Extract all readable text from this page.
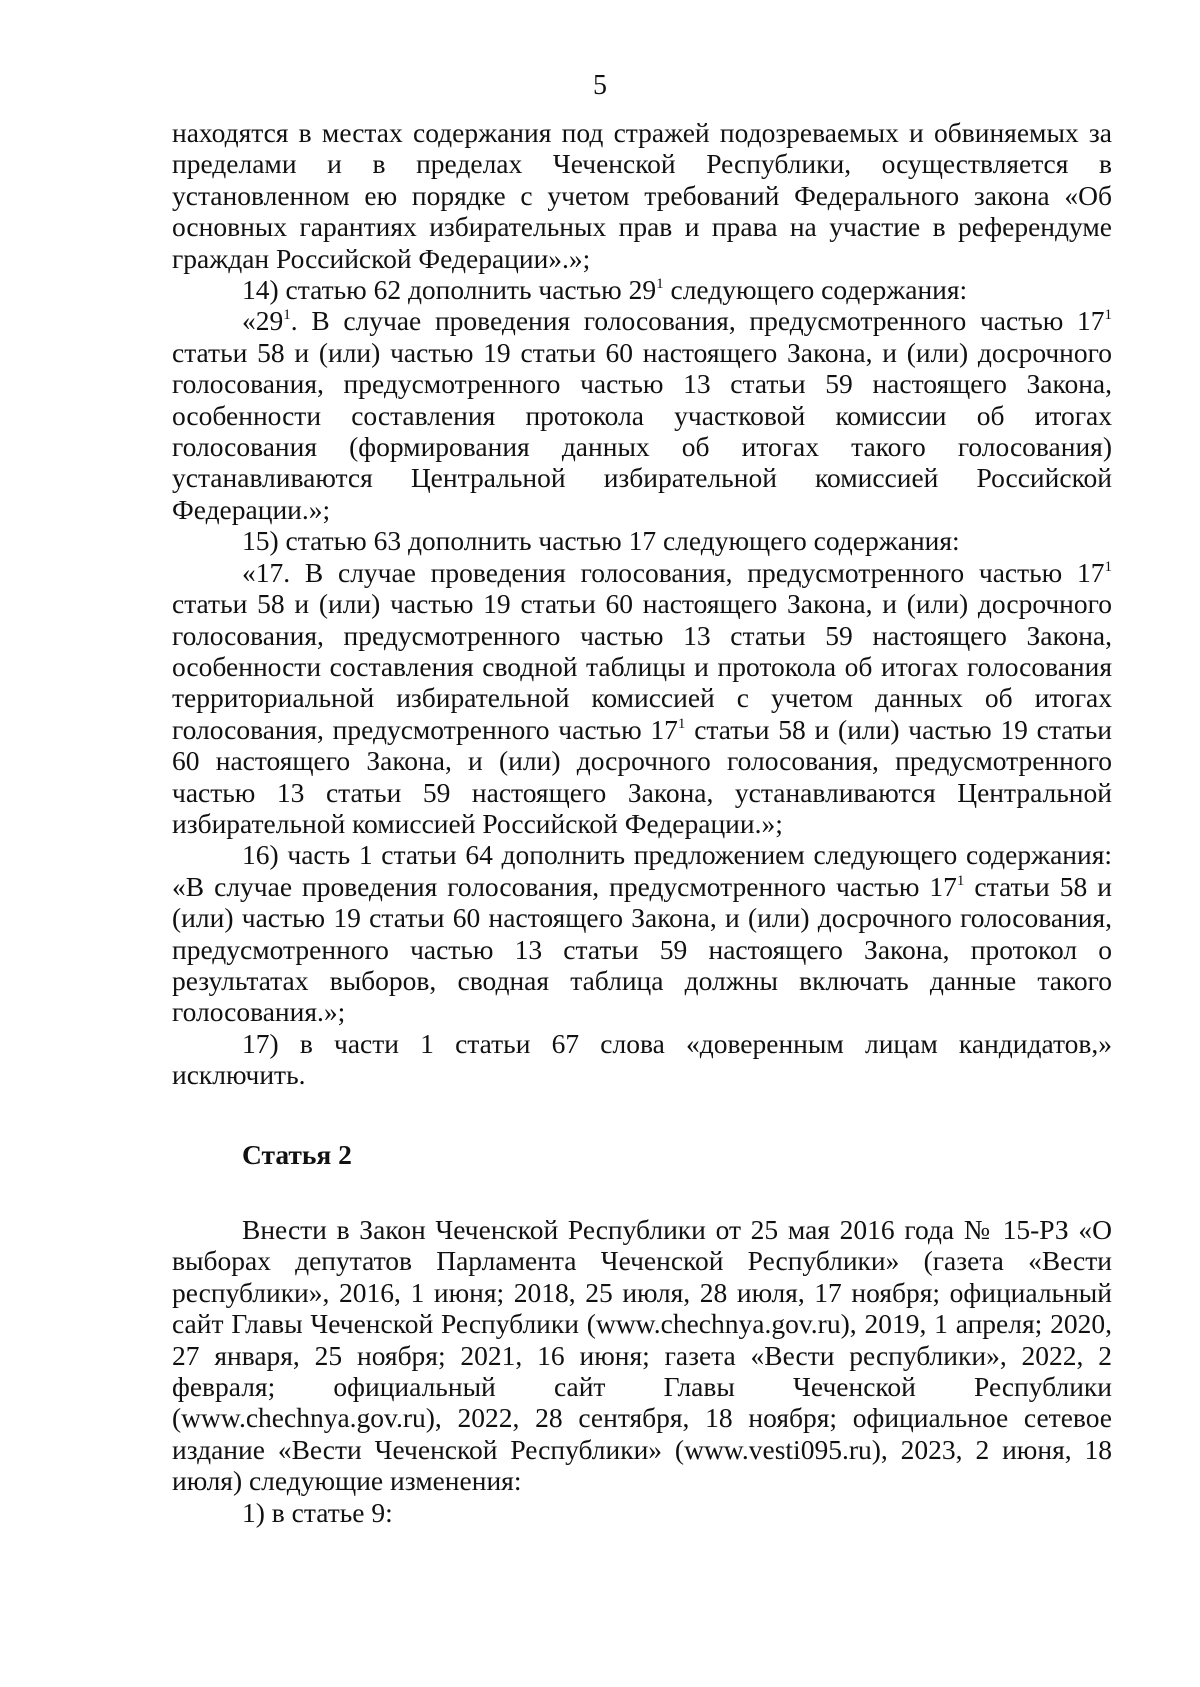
5

находятся в местах содержания под стражей подозреваемых и обвиняемых за пределами и в пределах Чеченской Республики, осуществляется в установленном ею порядке с учетом требований Федерального закона «Об основных гарантиях избирательных прав и права на участие в референдуме граждан Российской Федерации».»;

14) статью 62 дополнить частью $29^1$ следующего содержания:

«$29^1$. В случае проведения голосования, предусмотренного частью $17^1$ статьи 58 и (или) частью 19 статьи 60 настоящего Закона, и (или) досрочного голосования, предусмотренного частью 13 статьи 59 настоящего Закона, особенности составления протокола участковой комиссии об итогах голосования (формирования данных об итогах такого голосования) устанавливаются Центральной избирательной комиссией Российской Федерации.»;

15) статью 63 дополнить частью 17 следующего содержания:

«17. В случае проведения голосования, предусмотренного частью $17^1$ статьи 58 и (или) частью 19 статьи 60 настоящего Закона, и (или) досрочного голосования, предусмотренного частью 13 статьи 59 настоящего Закона, особенности составления сводной таблицы и протокола об итогах голосования территориальной избирательной комиссией с учетом данных об итогах голосования, предусмотренного частью $17^1$ статьи 58 и (или) частью 19 статьи 60 настоящего Закона, и (или) досрочного голосования, предусмотренного частью 13 статьи 59 настоящего Закона, устанавливаются Центральной избирательной комиссией Российской Федерации.»;

16) часть 1 статьи 64 дополнить предложением следующего содержания: «В случае проведения голосования, предусмотренного частью $17^1$ статьи 58 и (или) частью 19 статьи 60 настоящего Закона, и (или) досрочного голосования, предусмотренного частью 13 статьи 59 настоящего Закона, протокол о результатах выборов, сводная таблица должны включать данные такого голосования.»;

17) в части 1 статьи 67 слова «доверенным лицам кандидатов,» исключить.

Статья 2

Внести в Закон Чеченской Республики от 25 мая 2016 года № 15-РЗ «О выборах депутатов Парламента Чеченской Республики» (газета «Вести республики», 2016, 1 июня; 2018, 25 июля, 28 июля, 17 ноября; официальный сайт Главы Чеченской Республики (www.chechnya.gov.ru), 2019, 1 апреля; 2020, 27 января, 25 ноября; 2021, 16 июня; газета «Вести республики», 2022, 2 февраля; официальный сайт Главы Чеченской Республики (www.chechnya.gov.ru), 2022, 28 сентября, 18 ноября; официальное сетевое издание «Вести Чеченской Республики» (www.vesti095.ru), 2023, 2 июня, 18 июля) следующие изменения:

1) в статье 9:
